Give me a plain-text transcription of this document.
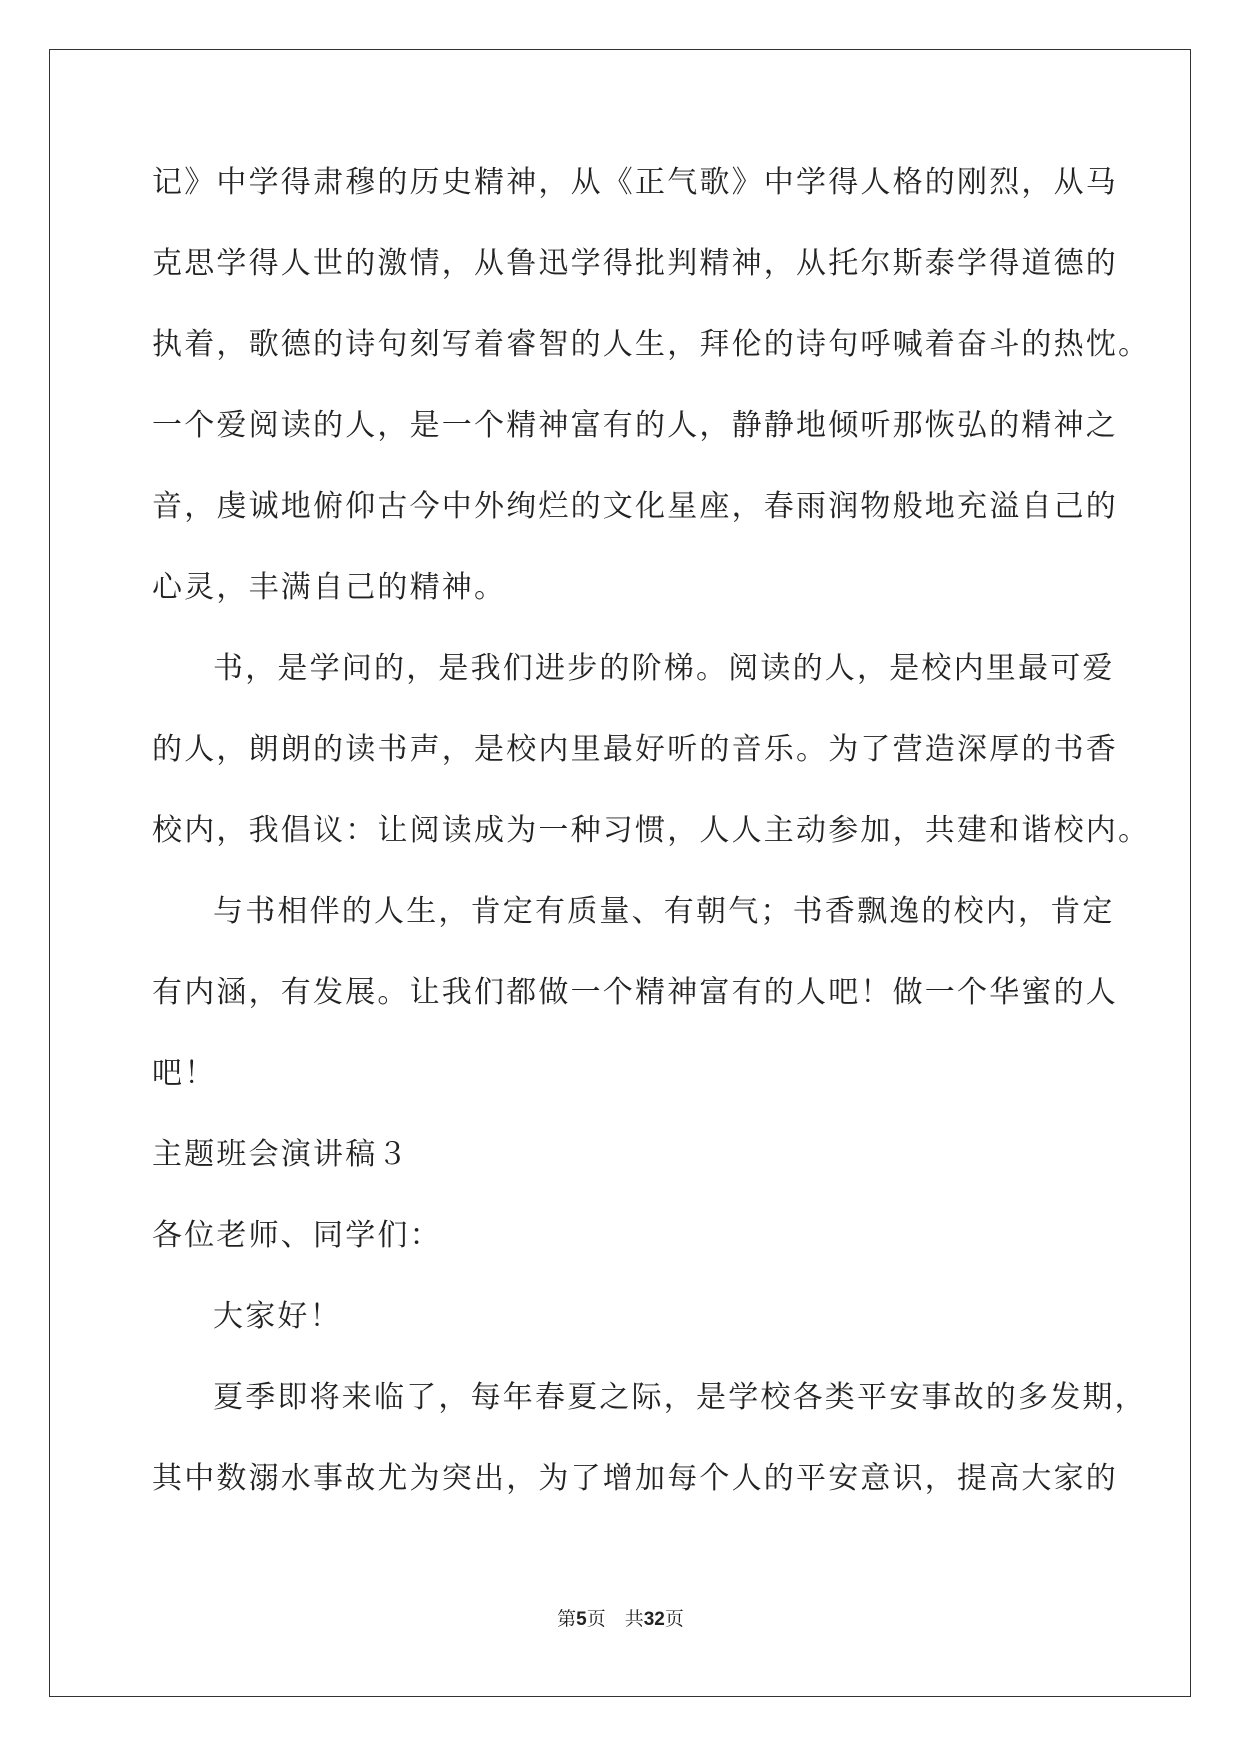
记》中学得肃穆的历史精神，从《正气歌》中学得人格的刚烈，从马
克思学得人世的激情，从鲁迅学得批判精神，从托尔斯泰学得道德的
执着，歌德的诗句刻写着睿智的人生，拜伦的诗句呼喊着奋斗的热忱。
一个爱阅读的人，是一个精神富有的人，静静地倾听那恢弘的精神之
音，虔诚地俯仰古今中外绚烂的文化星座，春雨润物般地充溢自己的
心灵，丰满自己的精神。
书，是学问的，是我们进步的阶梯。阅读的人，是校内里最可爱
的人，朗朗的读书声，是校内里最好听的音乐。为了营造深厚的书香
校内，我倡议：让阅读成为一种习惯，人人主动参加，共建和谐校内。
与书相伴的人生，肯定有质量、有朝气；书香飘逸的校内，肯定
有内涵，有发展。让我们都做一个精神富有的人吧！做一个华蜜的人
吧！
主题班会演讲稿３
各位老师、同学们：
大家好！
夏季即将来临了，每年春夏之际，是学校各类平安事故的多发期，
其中数溺水事故尤为突出，为了增加每个人的平安意识，提高大家的
第5页　共32页
